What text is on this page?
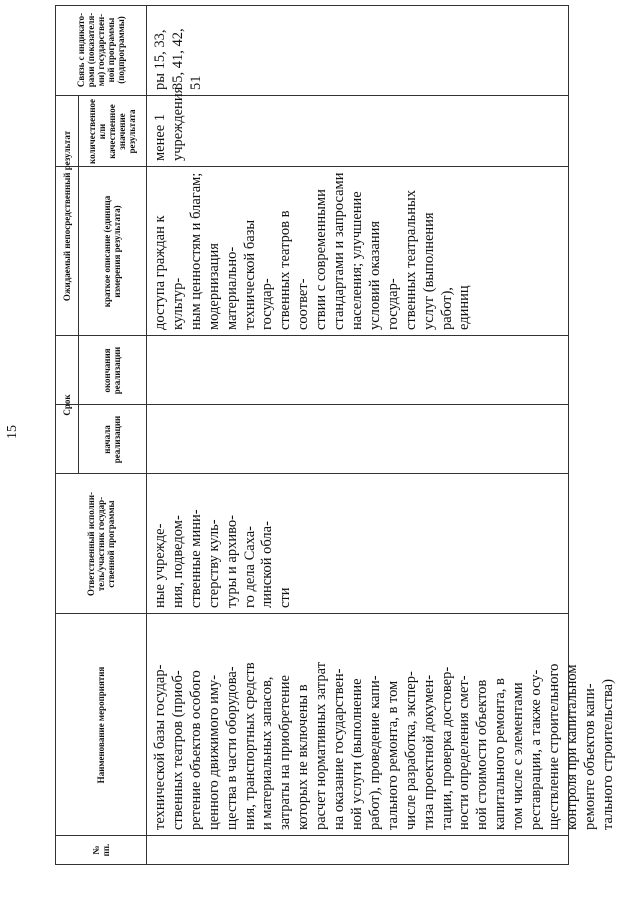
15
№
пп.
Наименование мероприятия
Ответственный исполни-
тель/участник государ-
ственной программы
Срок
начала
реализации
окончания
реализации
Ожидаемый непосредственный результат	краткое описание (единица
измерения результата)
количественное или
качественное значение
результата
Связь с индикато-
рами (показателя-
ми) государствен-
ной программы
(подпрограммы)
технической базы государ-
ственных театров (приоб-
ретение объектов особого
ценного движимого иму-
щества в части оборудова-
ния, транспортных средств
и материальных запасов,
затраты на приобретение
которых не включены в
расчет нормативных затрат
на оказание государствен-
ной услуги (выполнение
работ), проведение капи-
тального ремонта, в том
числе разработка, экспер-
тиза проектной докумен-
тации, проверка достовер-
ности определения смет-
ной стоимости объектов
капитального ремонта, в
том числе с элементами
реставрации, а также осу-
ществление строительного
контроля при капитальном
ремонте объектов капи-
тального строительства)
ные учрежде-
ния, подведом-
ственные мини-
стерству куль-
туры и архиво-
го дела Саха-
линской обла-
сти
доступа граждан к культур-
ным ценностям и благам;
модернизация материально-
технической базы государ-
ственных театров в соответ-
ствии с современными
стандартами и запросами
населения; улучшение
условий оказания государ-
ственных театральных
услуг (выполнения работ),
единиц
менее 1
учреждения
ры 15, 33,
35, 41, 42,
51
